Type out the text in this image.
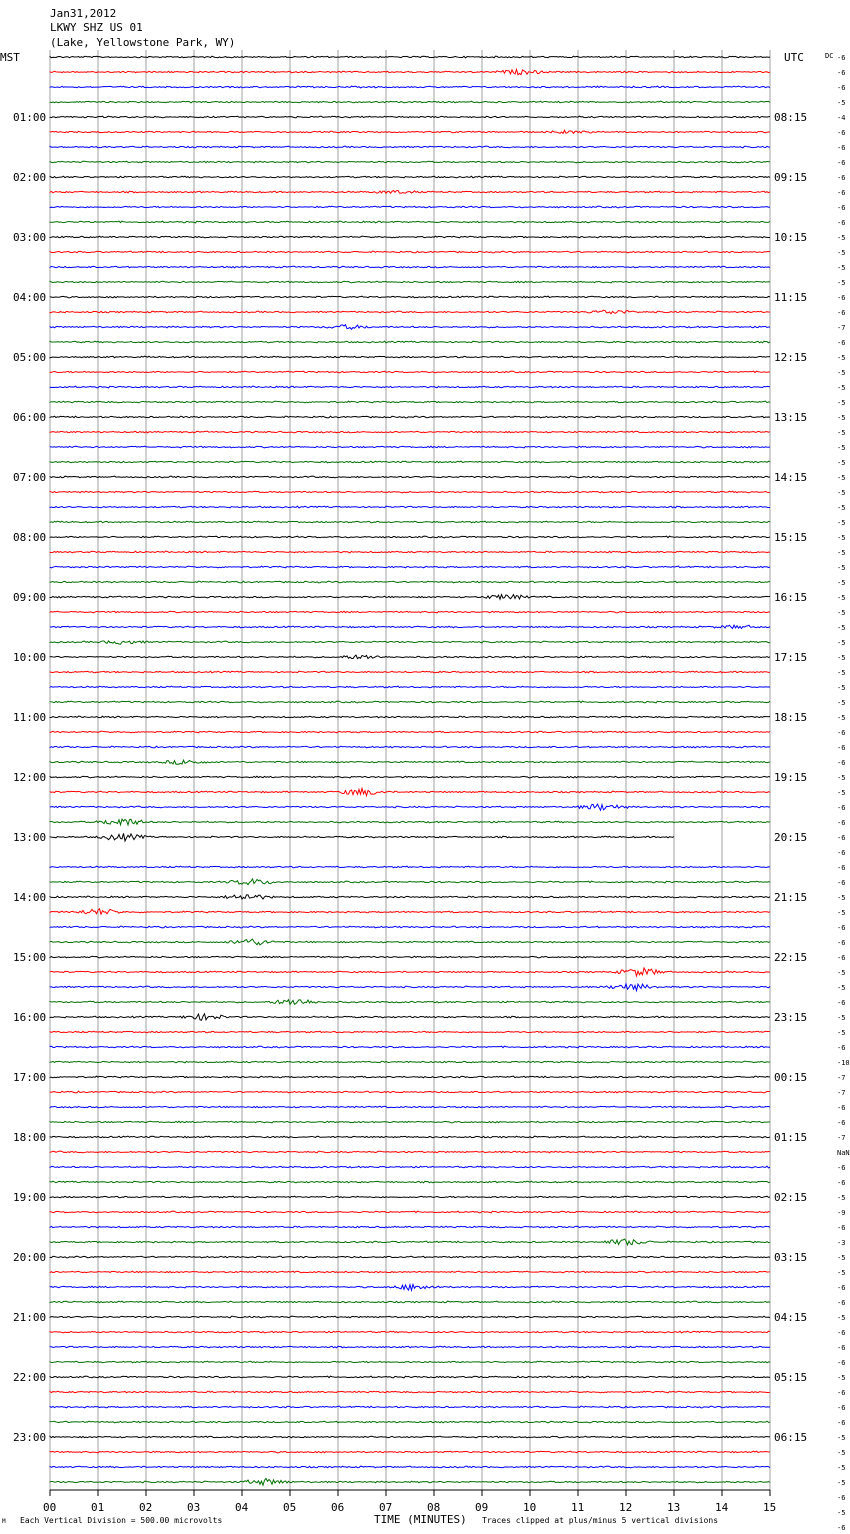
Jan31,2012
LKWY SHZ US 01
(Lake, Yellowstone Park, WY)
MST	UTC	DC
01:00
02:00
03:00
04:00
05:00
06:00
07:00
08:00
09:00
10:00
11:00
12:00
13:00
14:00
15:00
16:00
17:00
18:00
19:00
20:00
21:00
22:00
23:00
08:15
09:15
10:15
11:15
12:15
13:15
14:15
15:15
16:15
17:15
18:15
19:15
20:15
21:15
22:15
23:15
00:15
01:15
02:15
03:15
04:15
05:15
06:15
-6
-6
-6
-5
-4
-6
-6
-6
-6
-6
-6
-6
-5
-5
-5
-5
-6
-6
-7
-6
-5
-5
-5
-5
-5
-5
-5
-5
-5
-5
-5
-5
-5
-5
-5
-5
-5
-5
-5
-5
-5
-5
-5
-5
-5
-6
-6
-6
-5
-5
-6
-6
-6
-6
-6
-6
-5
-5
-6
-6
-6
-5
-5
-6
-5
-5
-6
-10
-7
-7
-6
-6
-7
NaN
-6
-6
-5
-9
-6
-3
-5
-5
-6
-6
-5
-6
-6
-6
-5
-6
-6
-6
-5
-5
-5
-5
-6
-5
-6
00	01	02	03	04	05	06	07	08	09	10	11	12	13	14	15
M Each Vertical Division = 500.00 microvolts	TIME (MINUTES) Traces clipped at plus/minus 5 vertical divisions
